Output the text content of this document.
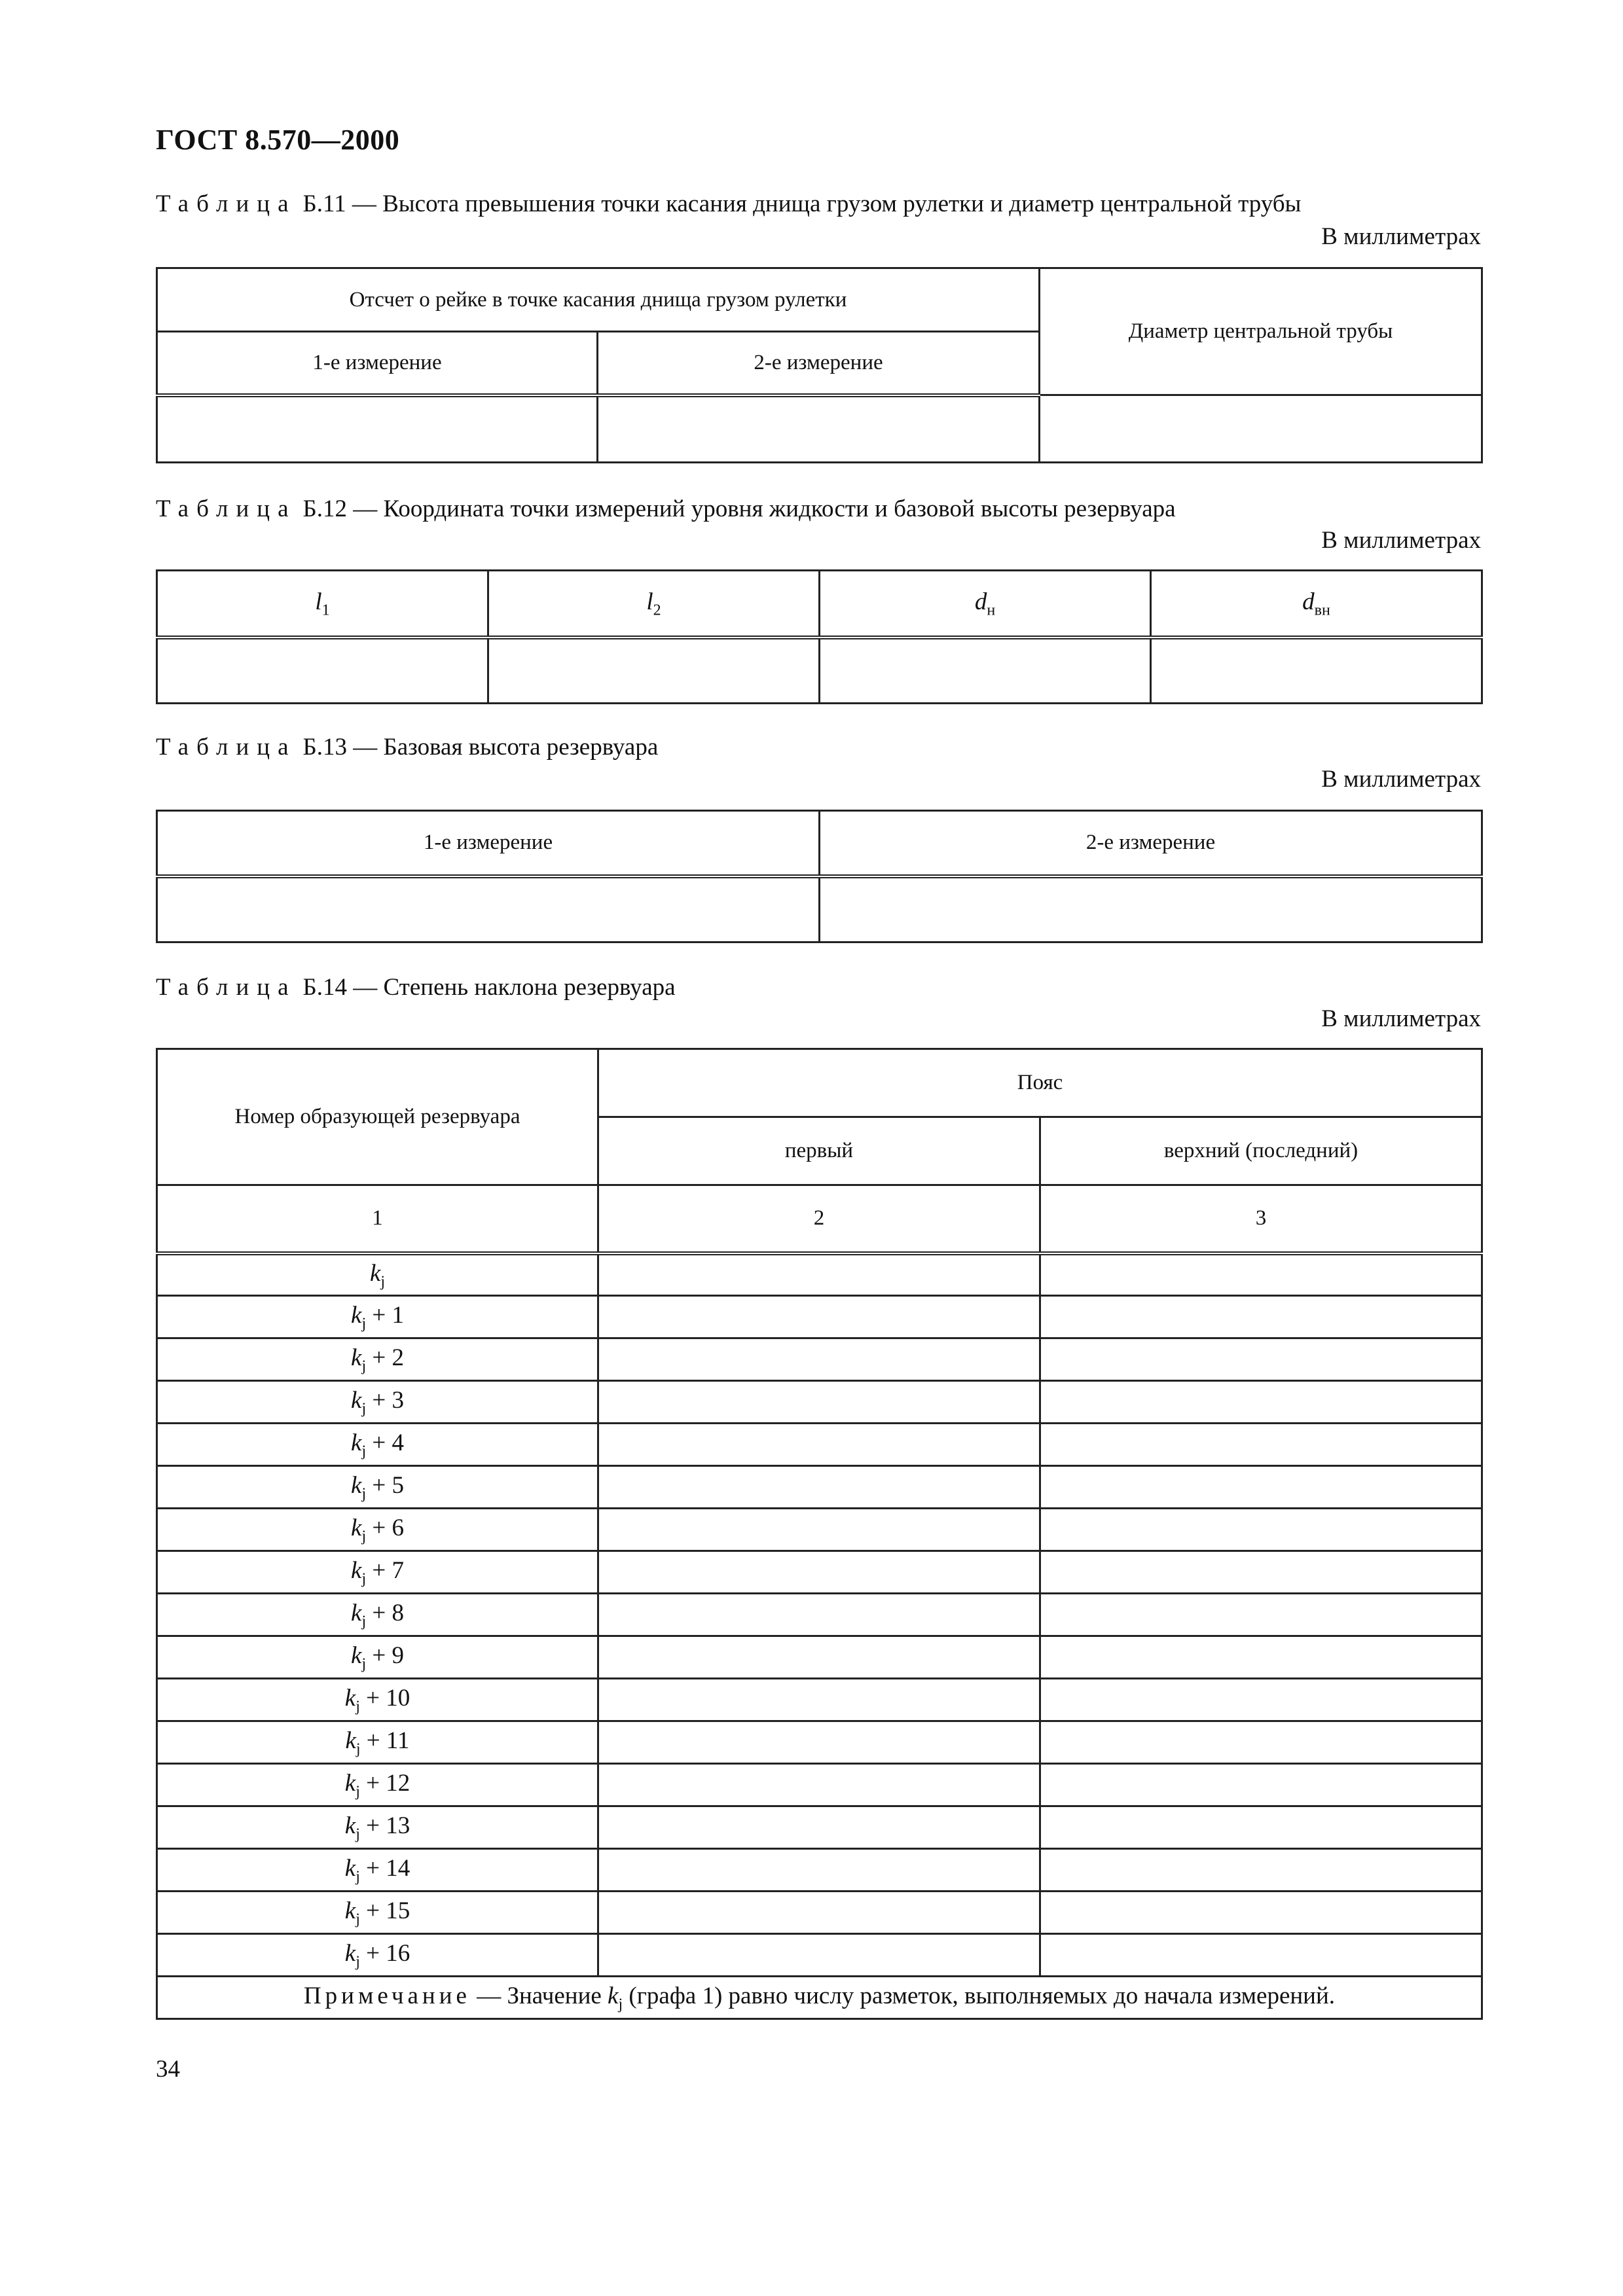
ГОСТ 8.570—2000
Таблица Б.11 — Высота превышения точки касания днища грузом рулетки и диаметр центральной трубы
В миллиметрах
Отсчет о рейке в точке касания днища грузом рулетки		Диаметр центральной трубы
1-е измерение	2-е измерение	

Таблица Б.12 — Координата точки измерений уровня жидкости и базовой высоты резервуара
В миллиметрах
$l_1$	$l_2$	$d_н$	$d_{вн}$

Таблица Б.13 — Базовая высота резервуара
В миллиметрах
1-е измерение	2-е измерение

Таблица Б.14 — Степень наклона резервуара
В миллиметрах
Номер образующей резервуара	Пояс	
	первый	верхний (последний)
1	2	3
$k_j$		
$k_j + 1$		
$k_j + 2$		
$k_j + 3$		
$k_j + 4$		
$k_j + 5$		
$k_j + 6$		
$k_j + 7$		
$k_j + 8$		
$k_j + 9$		
$k_j + 10$		
$k_j + 11$		
$k_j + 12$		
$k_j + 13$		
$k_j + 14$		
$k_j + 15$		
$k_j + 16$		
Примечание — Значение $k_j$ (графа 1) равно числу разметок, выполняемых до начала измерений.		
34
